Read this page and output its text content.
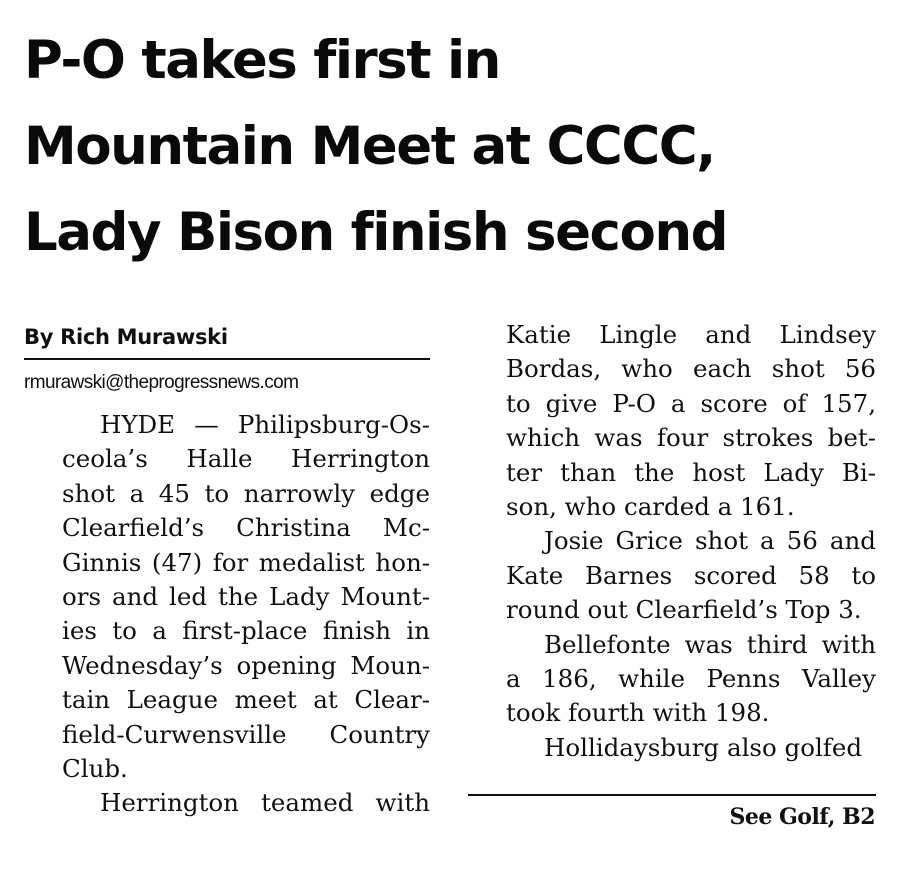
P-O takes first in
Mountain Meet at CCCC,
Lady Bison finish second
By Rich Murawski
rmurawski@theprogressnews.com
HYDE — Philipsburg-Os-
ceola’s Halle Herrington
shot a 45 to narrowly edge
Clearfield’s Christina Mc-
Ginnis (47) for medalist hon-
ors and led the Lady Mount-
ies to a first-place finish in
Wednesday’s opening Moun-
tain League meet at Clear-
field-Curwensville Country
Club.
Herrington teamed with
Katie Lingle and Lindsey
Bordas, who each shot 56
to give P-O a score of 157,
which was four strokes bet-
ter than the host Lady Bi-
son, who carded a 161.
Josie Grice shot a 56 and
Kate Barnes scored 58 to
round out Clearfield’s Top 3.
Bellefonte was third with
a 186, while Penns Valley
took fourth with 198.
Hollidaysburg also golfed
See Golf, B2
